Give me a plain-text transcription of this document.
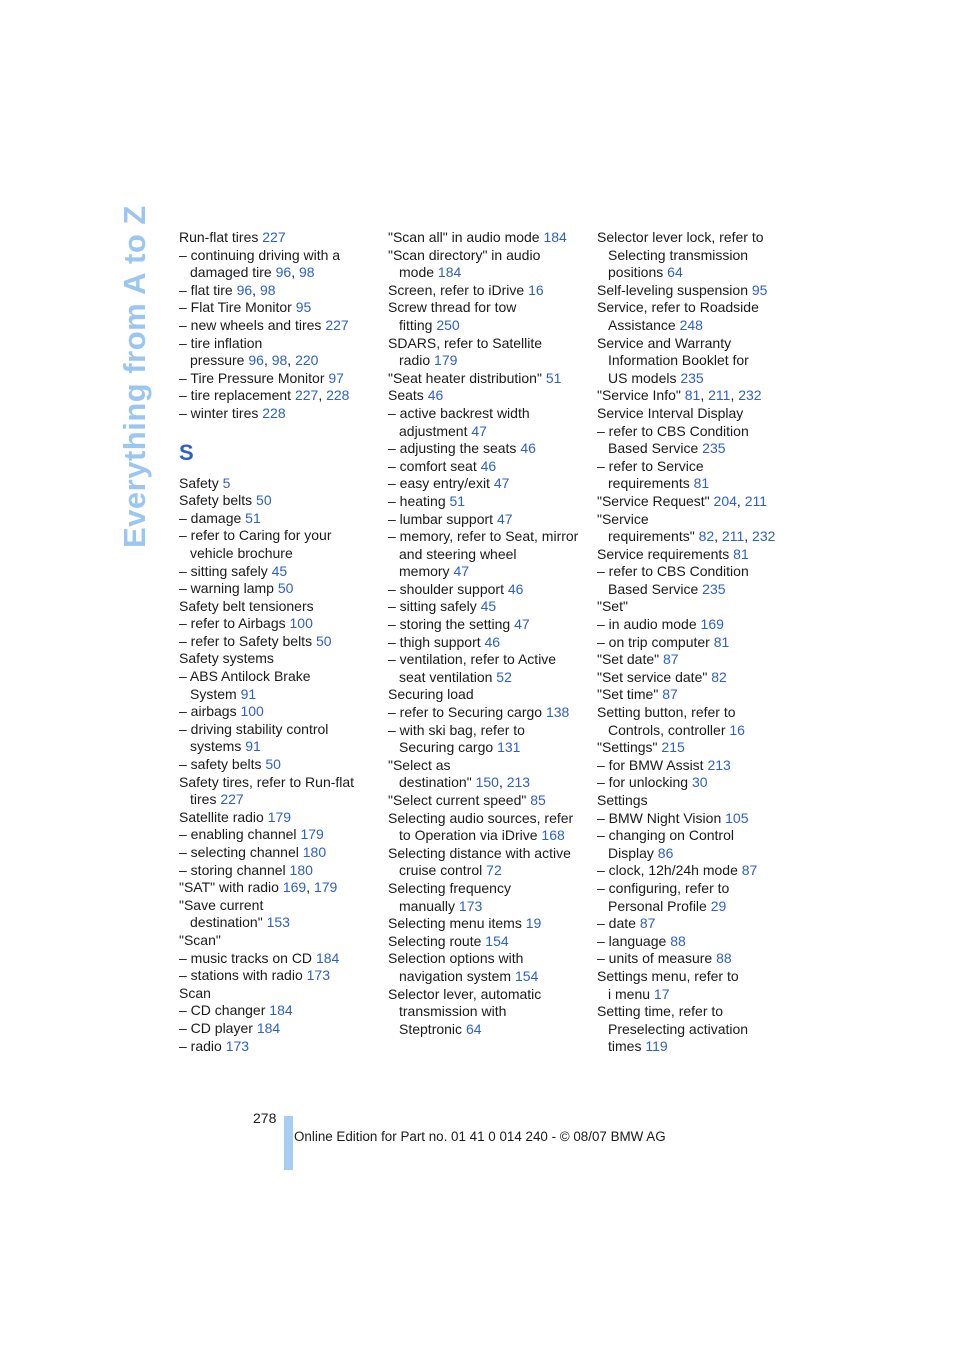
Everything from A to Z Run-flat tires 227
– continuing driving with a
damaged tire 96, 98
– flat tire 96, 98
– Flat Tire Monitor 95
– new wheels and tires 227
– tire inflation
pressure 96, 98, 220
– Tire Pressure Monitor 97
– tire replacement 227, 228
– winter tires 228
S
Safety 5
Safety belts 50
– damage 51
– refer to Caring for your
vehicle brochure
– sitting safely 45
– warning lamp 50
Safety belt tensioners
– refer to Airbags 100
– refer to Safety belts 50
Safety systems
– ABS Antilock Brake
System 91
– airbags 100
– driving stability control
systems 91
– safety belts 50
Safety tires, refer to Run-flat
tires 227
Satellite radio 179
– enabling channel 179
– selecting channel 180
– storing channel 180
"SAT" with radio 169, 179
"Save current
destination" 153
"Scan"
– music tracks on CD 184
– stations with radio 173
Scan
– CD changer 184
– CD player 184
– radio 173
"Scan all" in audio mode 184
"Scan directory" in audio
mode 184
Screen, refer to iDrive 16
Screw thread for tow
fitting 250
SDARS, refer to Satellite
radio 179
"Seat heater distribution" 51
Seats 46
– active backrest width
adjustment 47
– adjusting the seats 46
– comfort seat 46
– easy entry/exit 47
– heating 51
– lumbar support 47
– memory, refer to Seat, mirror
and steering wheel
memory 47
– shoulder support 46
– sitting safely 45
– storing the setting 47
– thigh support 46
– ventilation, refer to Active
seat ventilation 52
Securing load
– refer to Securing cargo 138
– with ski bag, refer to
Securing cargo 131
"Select as
destination" 150, 213
"Select current speed" 85
Selecting audio sources, refer
to Operation via iDrive 168
Selecting distance with active
cruise control 72
Selecting frequency
manually 173
Selecting menu items 19
Selecting route 154
Selection options with
navigation system 154
Selector lever, automatic
transmission with
Steptronic 64
Selector lever lock, refer to
Selecting transmission
positions 64
Self-leveling suspension 95
Service, refer to Roadside
Assistance 248
Service and Warranty
Information Booklet for
US models 235
"Service Info" 81, 211, 232
Service Interval Display
– refer to CBS Condition
Based Service 235
– refer to Service
requirements 81
"Service Request" 204, 211
"Service
requirements" 82, 211, 232
Service requirements 81
– refer to CBS Condition
Based Service 235
"Set"
– in audio mode 169
– on trip computer 81
"Set date" 87
"Set service date" 82
"Set time" 87
Setting button, refer to
Controls, controller 16
"Settings" 215
– for BMW Assist 213
– for unlocking 30
Settings
– BMW Night Vision 105
– changing on Control
Display 86
– clock, 12h/24h mode 87
– configuring, refer to
Personal Profile 29
– date 87
– language 88
– units of measure 88
Settings menu, refer to
i menu 17
Setting time, refer to
Preselecting activation
times 119
278
Online Edition for Part no. 01 41 0 014 240 - © 08/07 BMW AG
